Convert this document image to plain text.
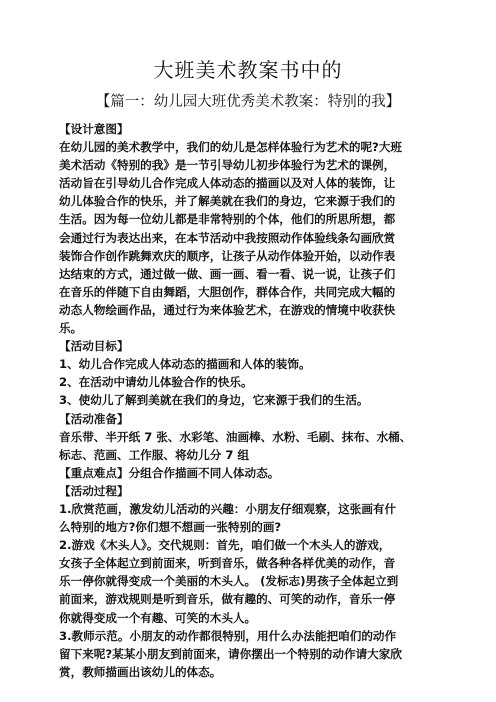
大班美术教案书中的
【篇一：幼儿园大班优秀美术教案：特别的我】
【设计意图】
在幼儿园的美术教学中，我们的幼儿是怎样体验行为艺术的呢?大班
美术活动《特别的我》是一节引导幼儿初步体验行为艺术的课例，
活动旨在引导幼儿合作完成人体动态的描画以及对人体的装饰，让
幼儿体验合作的快乐，并了解美就在我们的身边，它来源于我们的
生活。因为每一位幼儿都是非常特别的个体，他们的所思所想，都
会通过行为表达出来，在本节活动中我按照动作体验线条勾画欣赏
装饰合作创作跳舞欢庆的顺序，让孩子从动作体验开始，以动作表
达结束的方式，通过做一做、画一画、看一看、说一说，让孩子们
在音乐的伴随下自由舞蹈，大胆创作，群体合作，共同完成大幅的
动态人物绘画作品，通过行为来体验艺术，在游戏的情境中收获快
乐。
【活动目标】
1、幼儿合作完成人体动态的描画和人体的装饰。
2、在活动中请幼儿体验合作的快乐。
3、使幼儿了解到美就在我们的身边，它来源于我们的生活。
【活动准备】
音乐带、半开纸 7 张、水彩笔、油画棒、水粉、毛刷、抹布、水桶、
标志、范画、工作服、将幼儿分 7 组
【重点难点】分组合作描画不同人体动态。
【活动过程】
1.欣赏范画，激发幼儿活动的兴趣：小朋友仔细观察，这张画有什
么特别的地方?你们想不想画一张特别的画?
2.游戏《木头人》。交代规则：首先，咱们做一个木头人的游戏，
女孩子全体起立到前面来，听到音乐，做各种各样优美的动作，音
乐一停你就得变成一个美丽的木头人。 (发标志)男孩子全体起立到
前面来，游戏规则是听到音乐，做有趣的、可笑的动作，音乐一停
你就得变成一个有趣、可笑的木头人。
3.教师示范。小朋友的动作都很特别，用什么办法能把咱们的动作
留下来呢?某某小朋友到前面来，请你摆出一个特别的动作请大家欣
赏，教师描画出该幼儿的体态。
